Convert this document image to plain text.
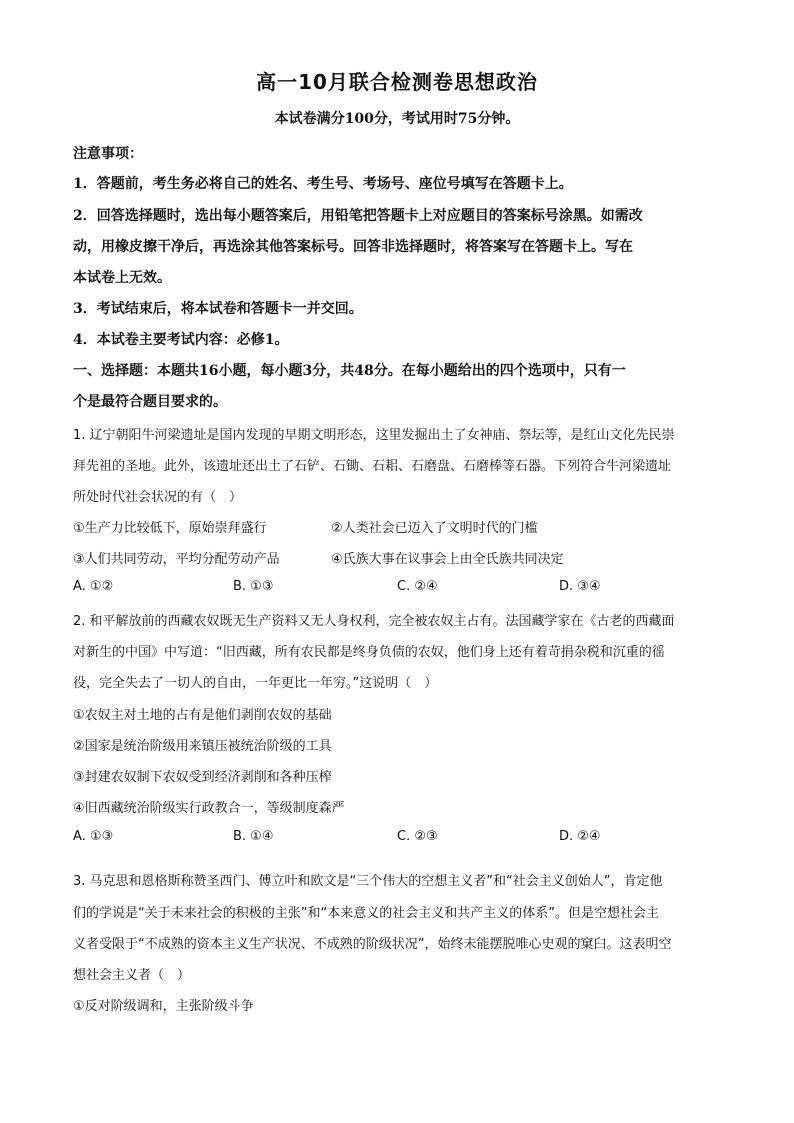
高一10月联合检测卷思想政治
本试卷满分100分，考试用时75分钟。
注意事项：
1．答题前，考生务必将自己的姓名、考生号、考场号、座位号填写在答题卡上。
2．回答选择题时，选出每小题答案后，用铅笔把答题卡上对应题目的答案标号涂黑。如需改
动，用橡皮擦干净后，再选涂其他答案标号。回答非选择题时，将答案写在答题卡上。写在
本试卷上无效。
3．考试结束后，将本试卷和答题卡一并交回。
4．本试卷主要考试内容：必修1。
一、选择题：本题共16小题，每小题3分，共48分。在每小题给出的四个选项中，只有一
个是最符合题目要求的。
1. 辽宁朝阳牛河梁遗址是国内发现的早期文明形态，这里发掘出土了女神庙、祭坛等，是红山文化先民崇
拜先祖的圣地。此外，该遗址还出土了石铲、石锄、石耜、石磨盘、石磨棒等石器。下列符合牛河梁遗址
所处时代社会状况的有（　）
①生产力比较低下，原始崇拜盛行	②人类社会已迈入了文明时代的门槛
③人们共同劳动，平均分配劳动产品	④氏族大事在议事会上由全氏族共同决定
A. ①②	B. ①③	C. ②④	D. ③④
2. 和平解放前的西藏农奴既无生产资料又无人身权利，完全被农奴主占有。法国藏学家在《古老的西藏面
对新生的中国》中写道：“旧西藏，所有农民都是终身负债的农奴，他们身上还有着苛捐杂税和沉重的徭
役，完全失去了一切人的自由，一年更比一年穷。”这说明（　）
①农奴主对土地的占有是他们剥削农奴的基础
②国家是统治阶级用来镇压被统治阶级的工具
③封建农奴制下农奴受到经济剥削和各种压榨
④旧西藏统治阶级实行政教合一，等级制度森严
A. ①③	B. ①④	C. ②③	D. ②④
3. 马克思和恩格斯称赞圣西门、傅立叶和欧文是“三个伟大的空想主义者”和“社会主义创始人”，肯定他
们的学说是“关于未来社会的积极的主张”和“本来意义的社会主义和共产主义的体系”。但是空想社会主
义者受限于“不成熟的资本主义生产状况、不成熟的阶级状况”，始终未能摆脱唯心史观的窠臼。这表明空
想社会主义者（　）
①反对阶级调和，主张阶级斗争
